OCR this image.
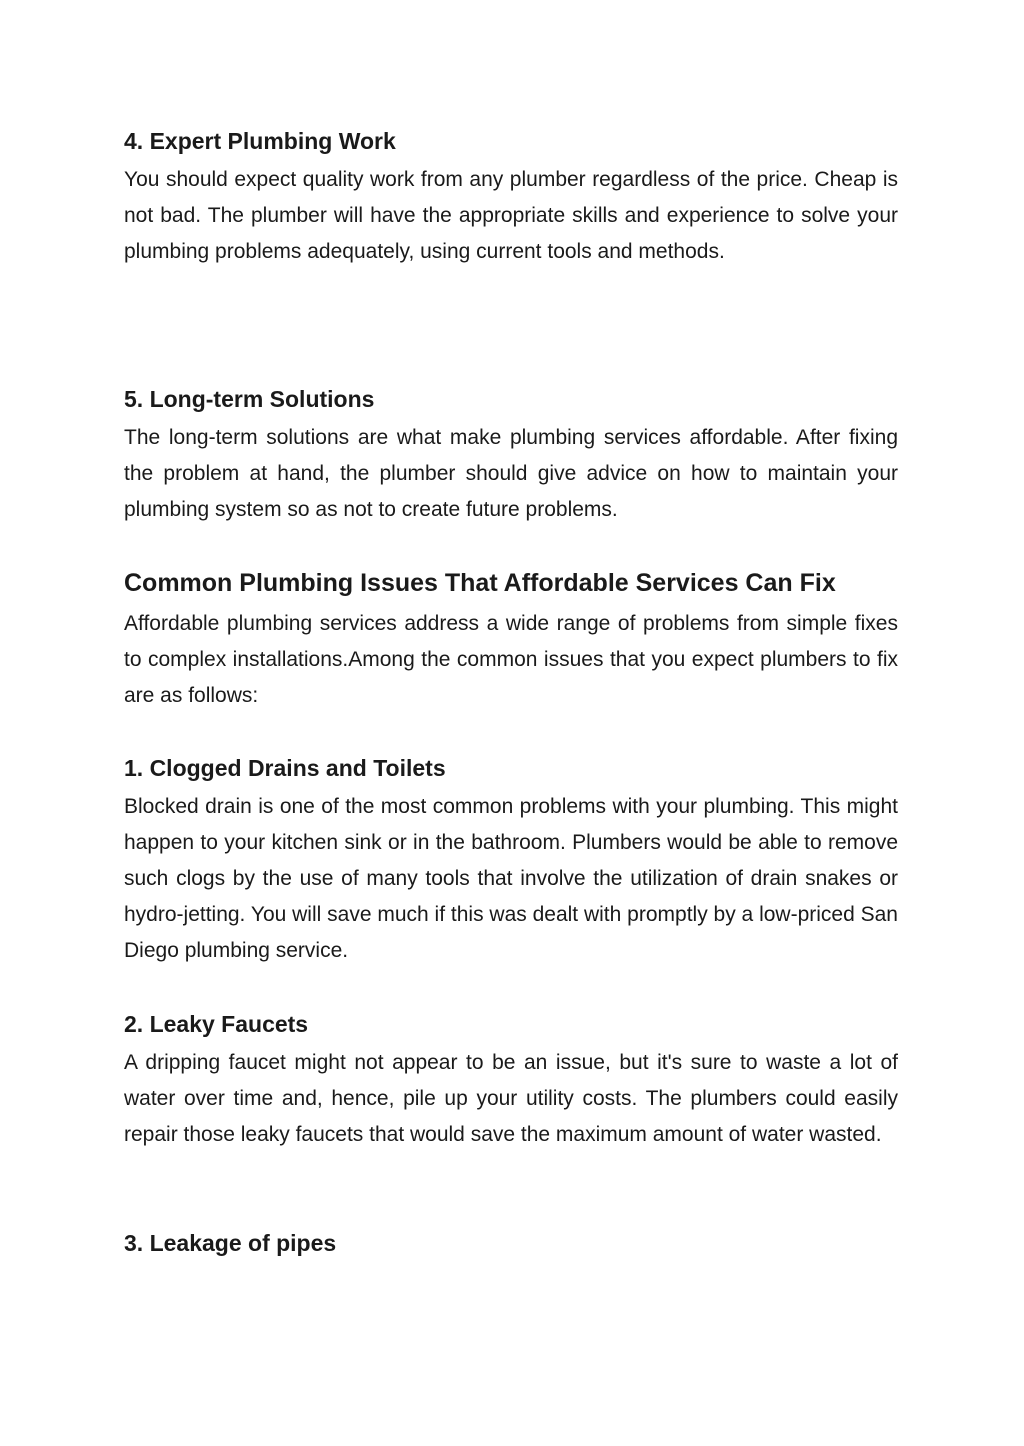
4. Expert Plumbing Work

You should expect quality work from any plumber regardless of the price. Cheap is not bad. The plumber will have the appropriate skills and experience to solve your plumbing problems adequately, using current tools and methods.

5. Long-term Solutions

The long-term solutions are what make plumbing services affordable. After fixing the problem at hand, the plumber should give advice on how to maintain your plumbing system so as not to create future problems.

Common Plumbing Issues That Affordable Services Can Fix

Affordable plumbing services address a wide range of problems from simple fixes to complex installations.Among the common issues that you expect plumbers to fix are as follows:

1. Clogged Drains and Toilets

Blocked drain is one of the most common problems with your plumbing. This might happen to your kitchen sink or in the bathroom. Plumbers would be able to remove such clogs by the use of many tools that involve the utilization of drain snakes or hydro-jetting. You will save much if this was dealt with promptly by a low-priced San Diego plumbing service.

2. Leaky Faucets

A dripping faucet might not appear to be an issue, but it's sure to waste a lot of water over time and, hence, pile up your utility costs. The plumbers could easily repair those leaky faucets that would save the maximum amount of water wasted.

3. Leakage of pipes
